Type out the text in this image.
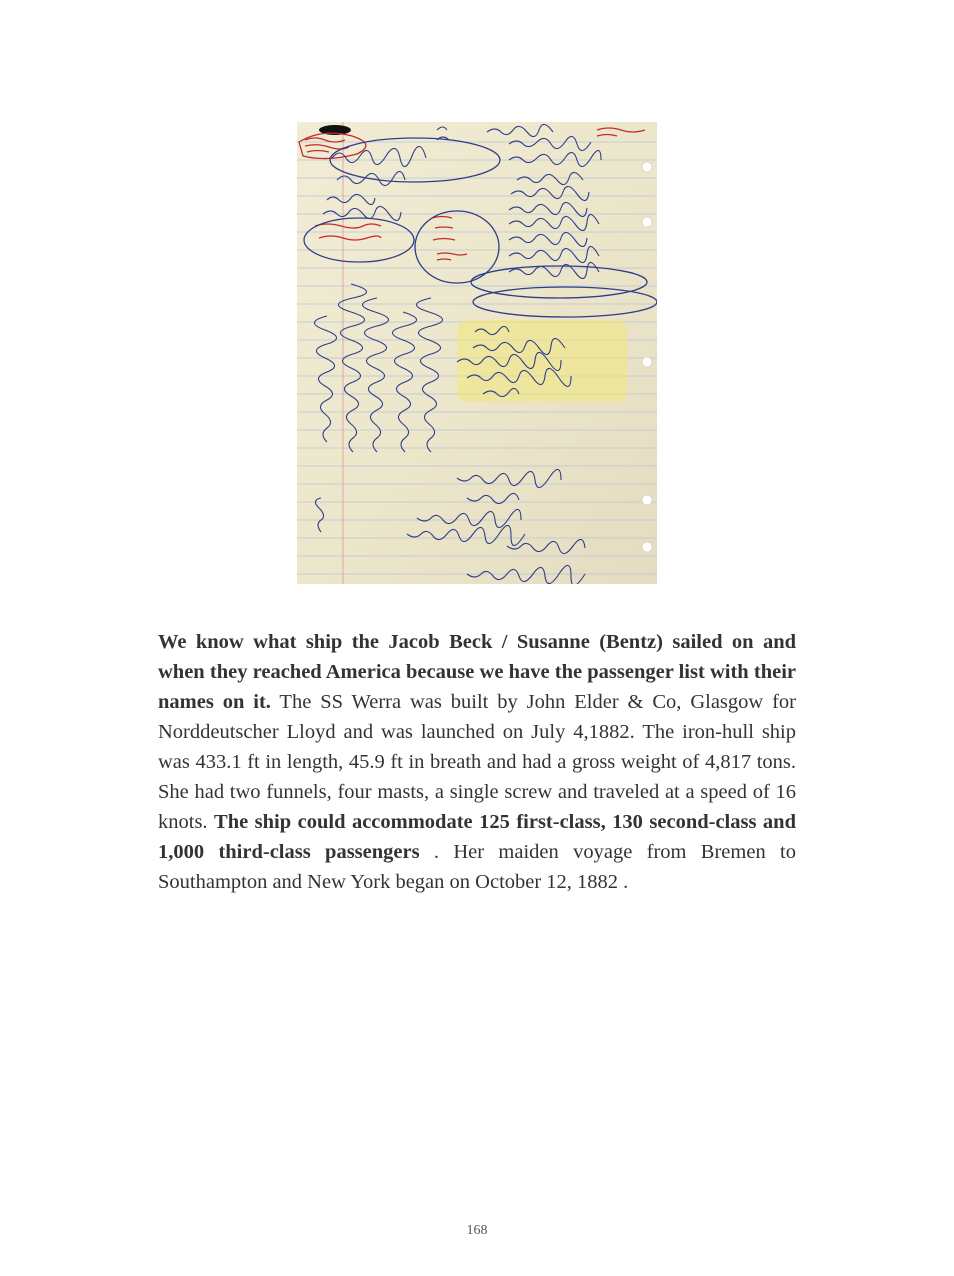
We know what ship the Jacob Beck / Susanne (Bentz) sailed on and when they reached America because we have the passenger list with their names on it. The SS Werra was built by John Elder & Co, Glasgow for Norddeutscher Lloyd and was launched on July 4,1882. The iron-hull ship was 433.1 ft in length, 45.9 ft in breath and had a gross weight of 4,817 tons. She had two funnels, four masts, a single screw and traveled at a speed of 16 knots. The ship could accommodate 125 first-class, 130 second-class and 1,000 third-class passengers . Her maiden voyage from Bremen to Southampton and New York began on October 12, 1882 .

168
